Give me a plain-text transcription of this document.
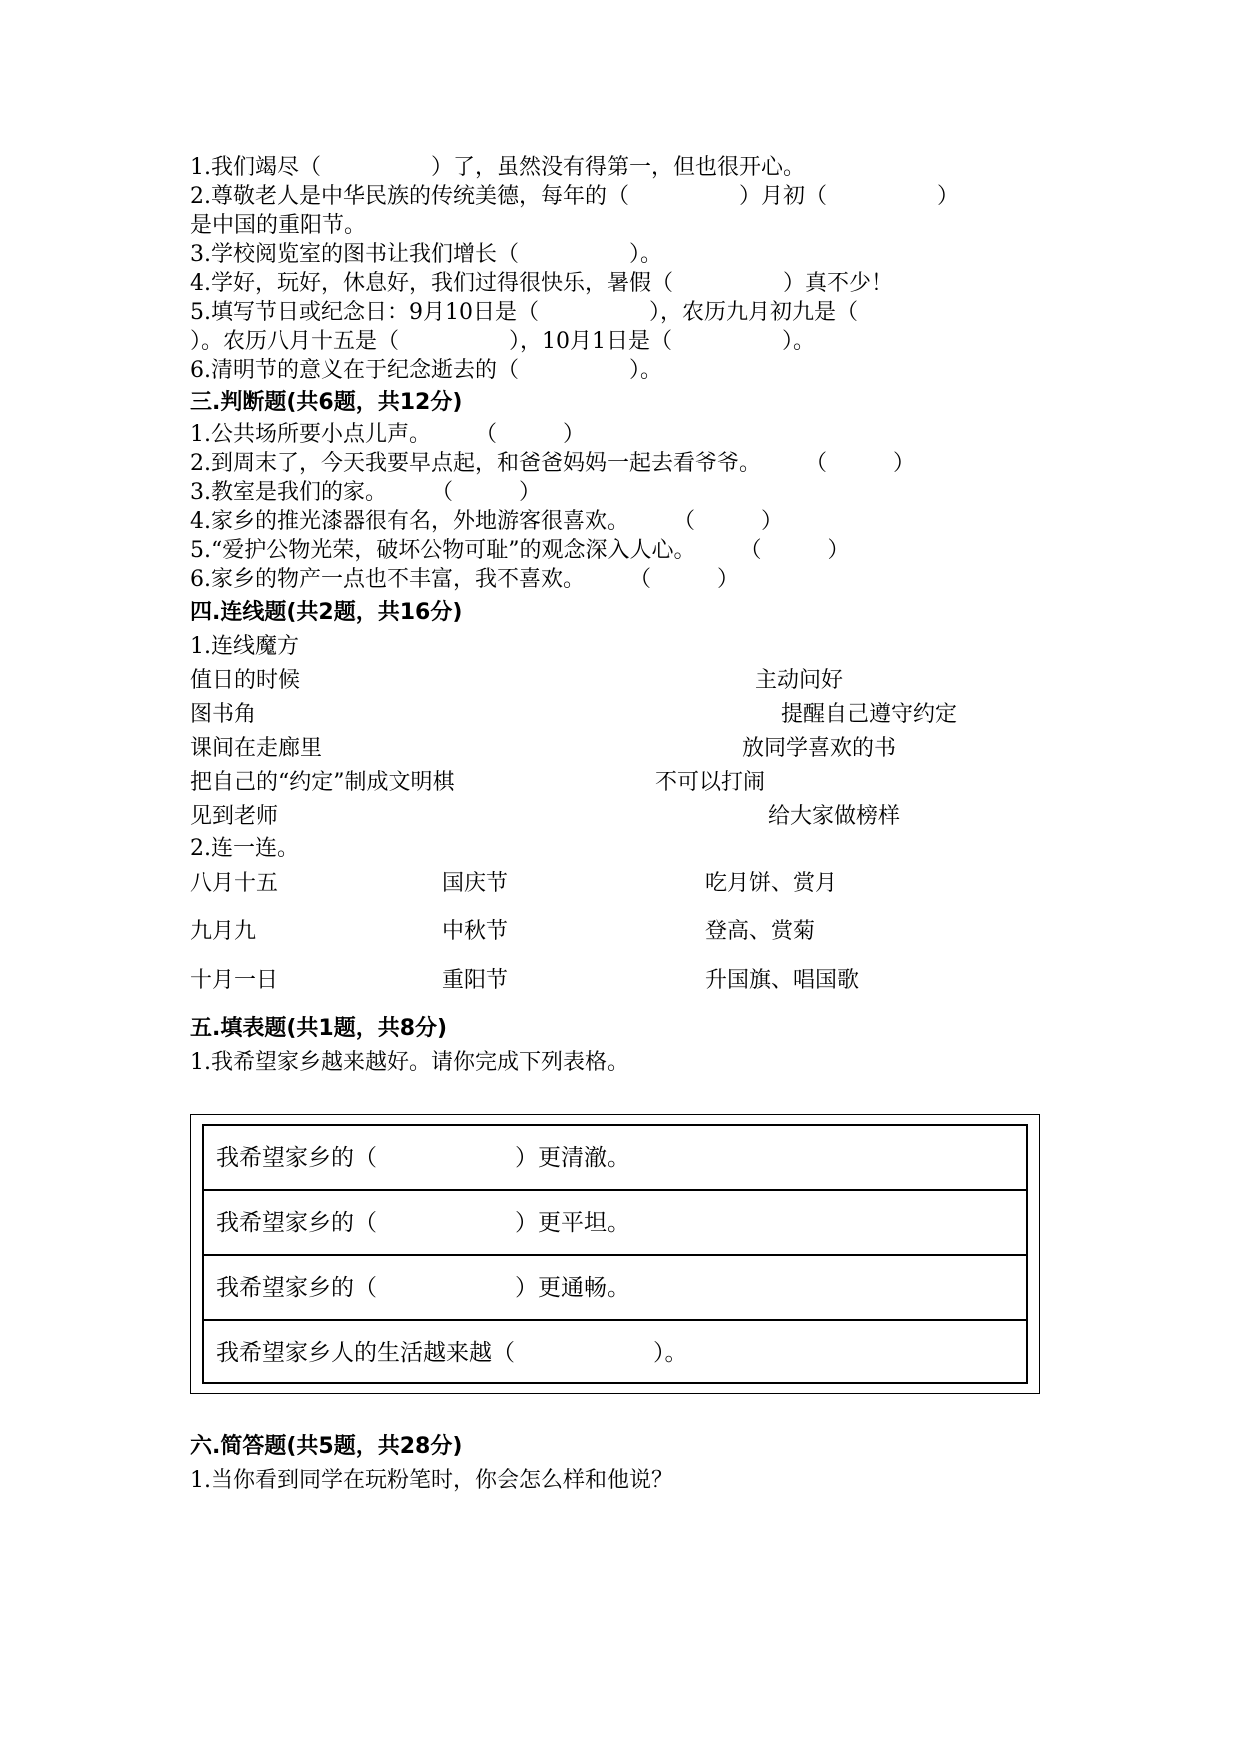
1.我们竭尽（　　　　　）了，虽然没有得第一，但也很开心。
2.尊敬老人是中华民族的传统美德，每年的（　　　　　）月初（　　　　　）
是中国的重阳节。
3.学校阅览室的图书让我们增长（　　　　　）。
4.学好，玩好，休息好，我们过得很快乐，暑假（　　　　　）真不少！
5.填写节日或纪念日：9月10日是（　　　　　），农历九月初九是（
）。农历八月十五是（　　　　　），10月1日是（　　　　　）。
6.清明节的意义在于纪念逝去的（　　　　　）。
三.判断题(共6题，共12分)
1.公共场所要小点儿声。　　　（　　　）
2.到周末了，今天我要早点起，和爸爸妈妈一起去看爷爷。　　　（　　　）
3.教室是我们的家。　　　（　　　）
4.家乡的推光漆器很有名，外地游客很喜欢。　　　（　　　）
5.“爱护公物光荣，破坏公物可耻”的观念深入人心。　　　（　　　）
6.家乡的物产一点也不丰富，我不喜欢。　　　（　　　）
四.连线题(共2题，共16分)
1.连线魔方
值日的时候	主动问好
图书角	提醒自己遵守约定
课间在走廊里	放同学喜欢的书
把自己的“约定”制成文明棋	不可以打闹
见到老师	给大家做榜样
2.连一连。
八月十五	国庆节	吃月饼、赏月
九月九	中秋节	登高、赏菊
十月一日	重阳节	升国旗、唱国歌
五.填表题(共1题，共8分)
1.我希望家乡越来越好。请你完成下列表格。
我希望家乡的（　　　　　　）更清澈。
我希望家乡的（　　　　　　）更平坦。
我希望家乡的（　　　　　　）更通畅。
我希望家乡人的生活越来越（　　　　　　）。
六.简答题(共5题，共28分)
1.当你看到同学在玩粉笔时，你会怎么样和他说？
